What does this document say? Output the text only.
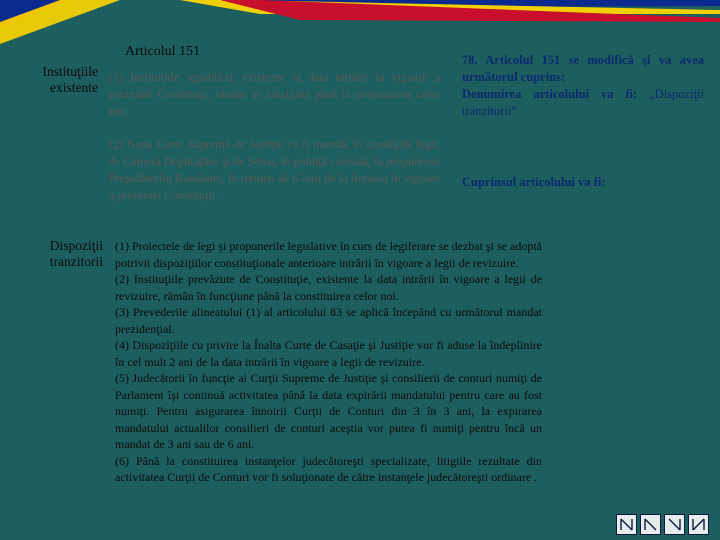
Articolul 151
Instituţiile existente
Dispoziţii tranzitorii
(1) Instituţiile republicii, existente la data intrării în vigoare a prezentei Constituţii, rămân în funcţiune până la constituirea celor noi.
(2) Noua Curte Supremă de Justiţie va fi numită, în condiţiile legii, de Camera Deputaţilor şi de Senat, în şedinţă comună, la propunerea Preşedintelui României, în termen de 6 luni de la întrarea în vigoare a prezentei Constituţii.
78. Articolul 151 se modifică şi va avea următorul cuprins:
Denumirea articolului va fi: „Dispoziţii tranzitorii”
Cuprinsul articolului va fi:
(1) Proiectele de legi şi propunerile legislative în curs de legiferare se dezbat şi se adoptă potrivit dispoziţiilor constituţionale anterioare intrării în vigoare a legii de revizuire.
(2) Instituţiile prevăzute de Constituţie, existente la data intrării în vigoare a legii de revizuire, rămân în funcţiune până la constituirea celor noi.
(3) Prevederile alineatului (1) al articolului 83 se aplică începând cu următorul mandat prezidenţial.
(4) Dispoziţiile cu privire la Înalta Curte de Casaţie şi Justiţie vor fi aduse la îndeplinire în cel mult 2 ani de la data intrării în vigoare a legii de revizuire.
(5) Judecătorii în funcţie ai Curţii Supreme de Justiţie şi consilierii de conturi numiţi de Parlament îşi continuă activitatea până la data expirării mandatului pentru care au fost numiţi. Pentru asigurarea înnoirii Curţii de Conturi din 3 în 3 ani, la expirarea mandatului actualilor consilieri de conturi aceştia vor putea fi numiţi pentru încă un mandat de 3 ani sau de 6 ani.
(6) Până la constituirea instanţelor judecătoreşti specializate, litigiile rezultate din activitatea Curţii de Conturi vor fi soluţionate de către instanţele judecătoreşti ordinare .
